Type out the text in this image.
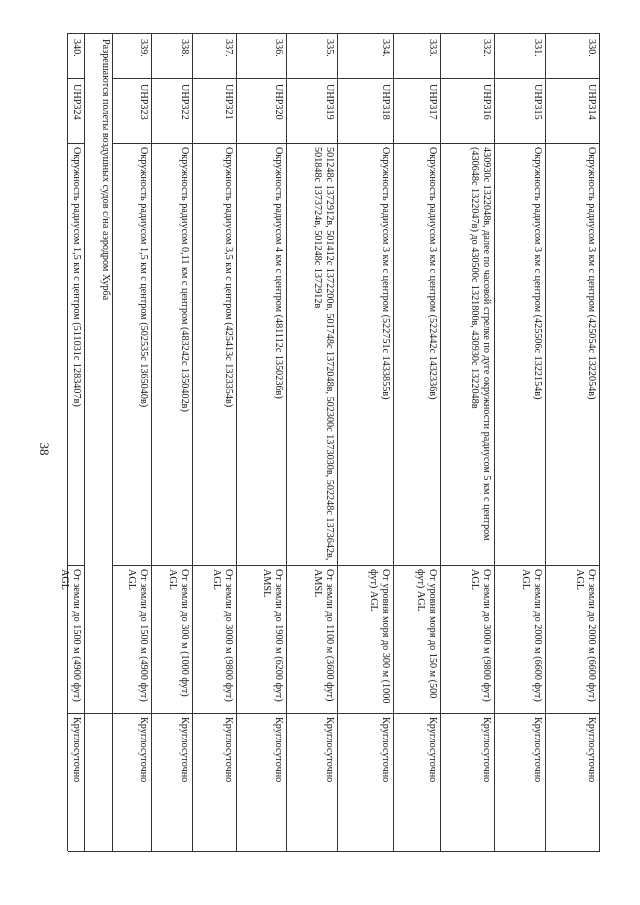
38
330.
UHP314
Окружность радиусом 3 км с центром (425054с 1322054в)
От земли до 2000 м (6600 фут) AGL
Круглосуточно
331.
UHP315
Окружность радиусом 3 км с центром (425506с 1322154в)
От земли до 2000 м (6600 фут) AGL
Круглосуточно
332.
UHP316
430930с 1322048в, далее по часовой стрелке по дуге окружности радиусом 5 км с центром (430648с 1322047в) до 430500с 1321800в, 430930с 1322048в
От земли до 3000 м (9800 фут) AGL
Круглосуточно
333.
UHP317
Окружность радиусом 3 км с центром (522442с 1432336в)
От уровня моря до 150 м (500 фут) AGL
Круглосуточно
334.
UHP318
Окружность радиусом 3 км с центром (522751с 1433855в)
От уровня моря до 300 м (1000 фут) AGL
Круглосуточно
335.
UHP319
501248с 1372912в, 501412с 1372200в, 501748с 1372048в, 502300с 1373030в, 502248с 1373642в, 501848с 1373724в, 501248с 1372912в
От земли до 1100 м (3600 фут) AMSL
Круглосуточно
336.
UHP320
Окружность радиусом 4 км с центром (481112с 1350236в)
От земли до 1900 м (6200 фут) AMSL
Круглосуточно
337.
UHP321
Окружность радиусом 3,5 км с центром (425413с 1323354в)
От земли до 3000 м (9800 фут) AGL
Круглосуточно
338.
UHP322
Окружность радиусом 0,11 км с центром (483242с 1350402в)
От земли до 300 м (1000 фут) AGL
Круглосуточно
339.
UHP323
Окружность радиусом 1,5 км с центром (502535с 1365040в)
От земли до 1500 м (4900 фут) AGL
Круглосуточно
Разрешаются полеты воздушных судов с/на аэродром Хурба
340.
UHP324
Окружность радиусом 1,5 км с центром (511031с 1283407в)
От земли до 1500 м (4900 фут) AGL
Круглосуточно
